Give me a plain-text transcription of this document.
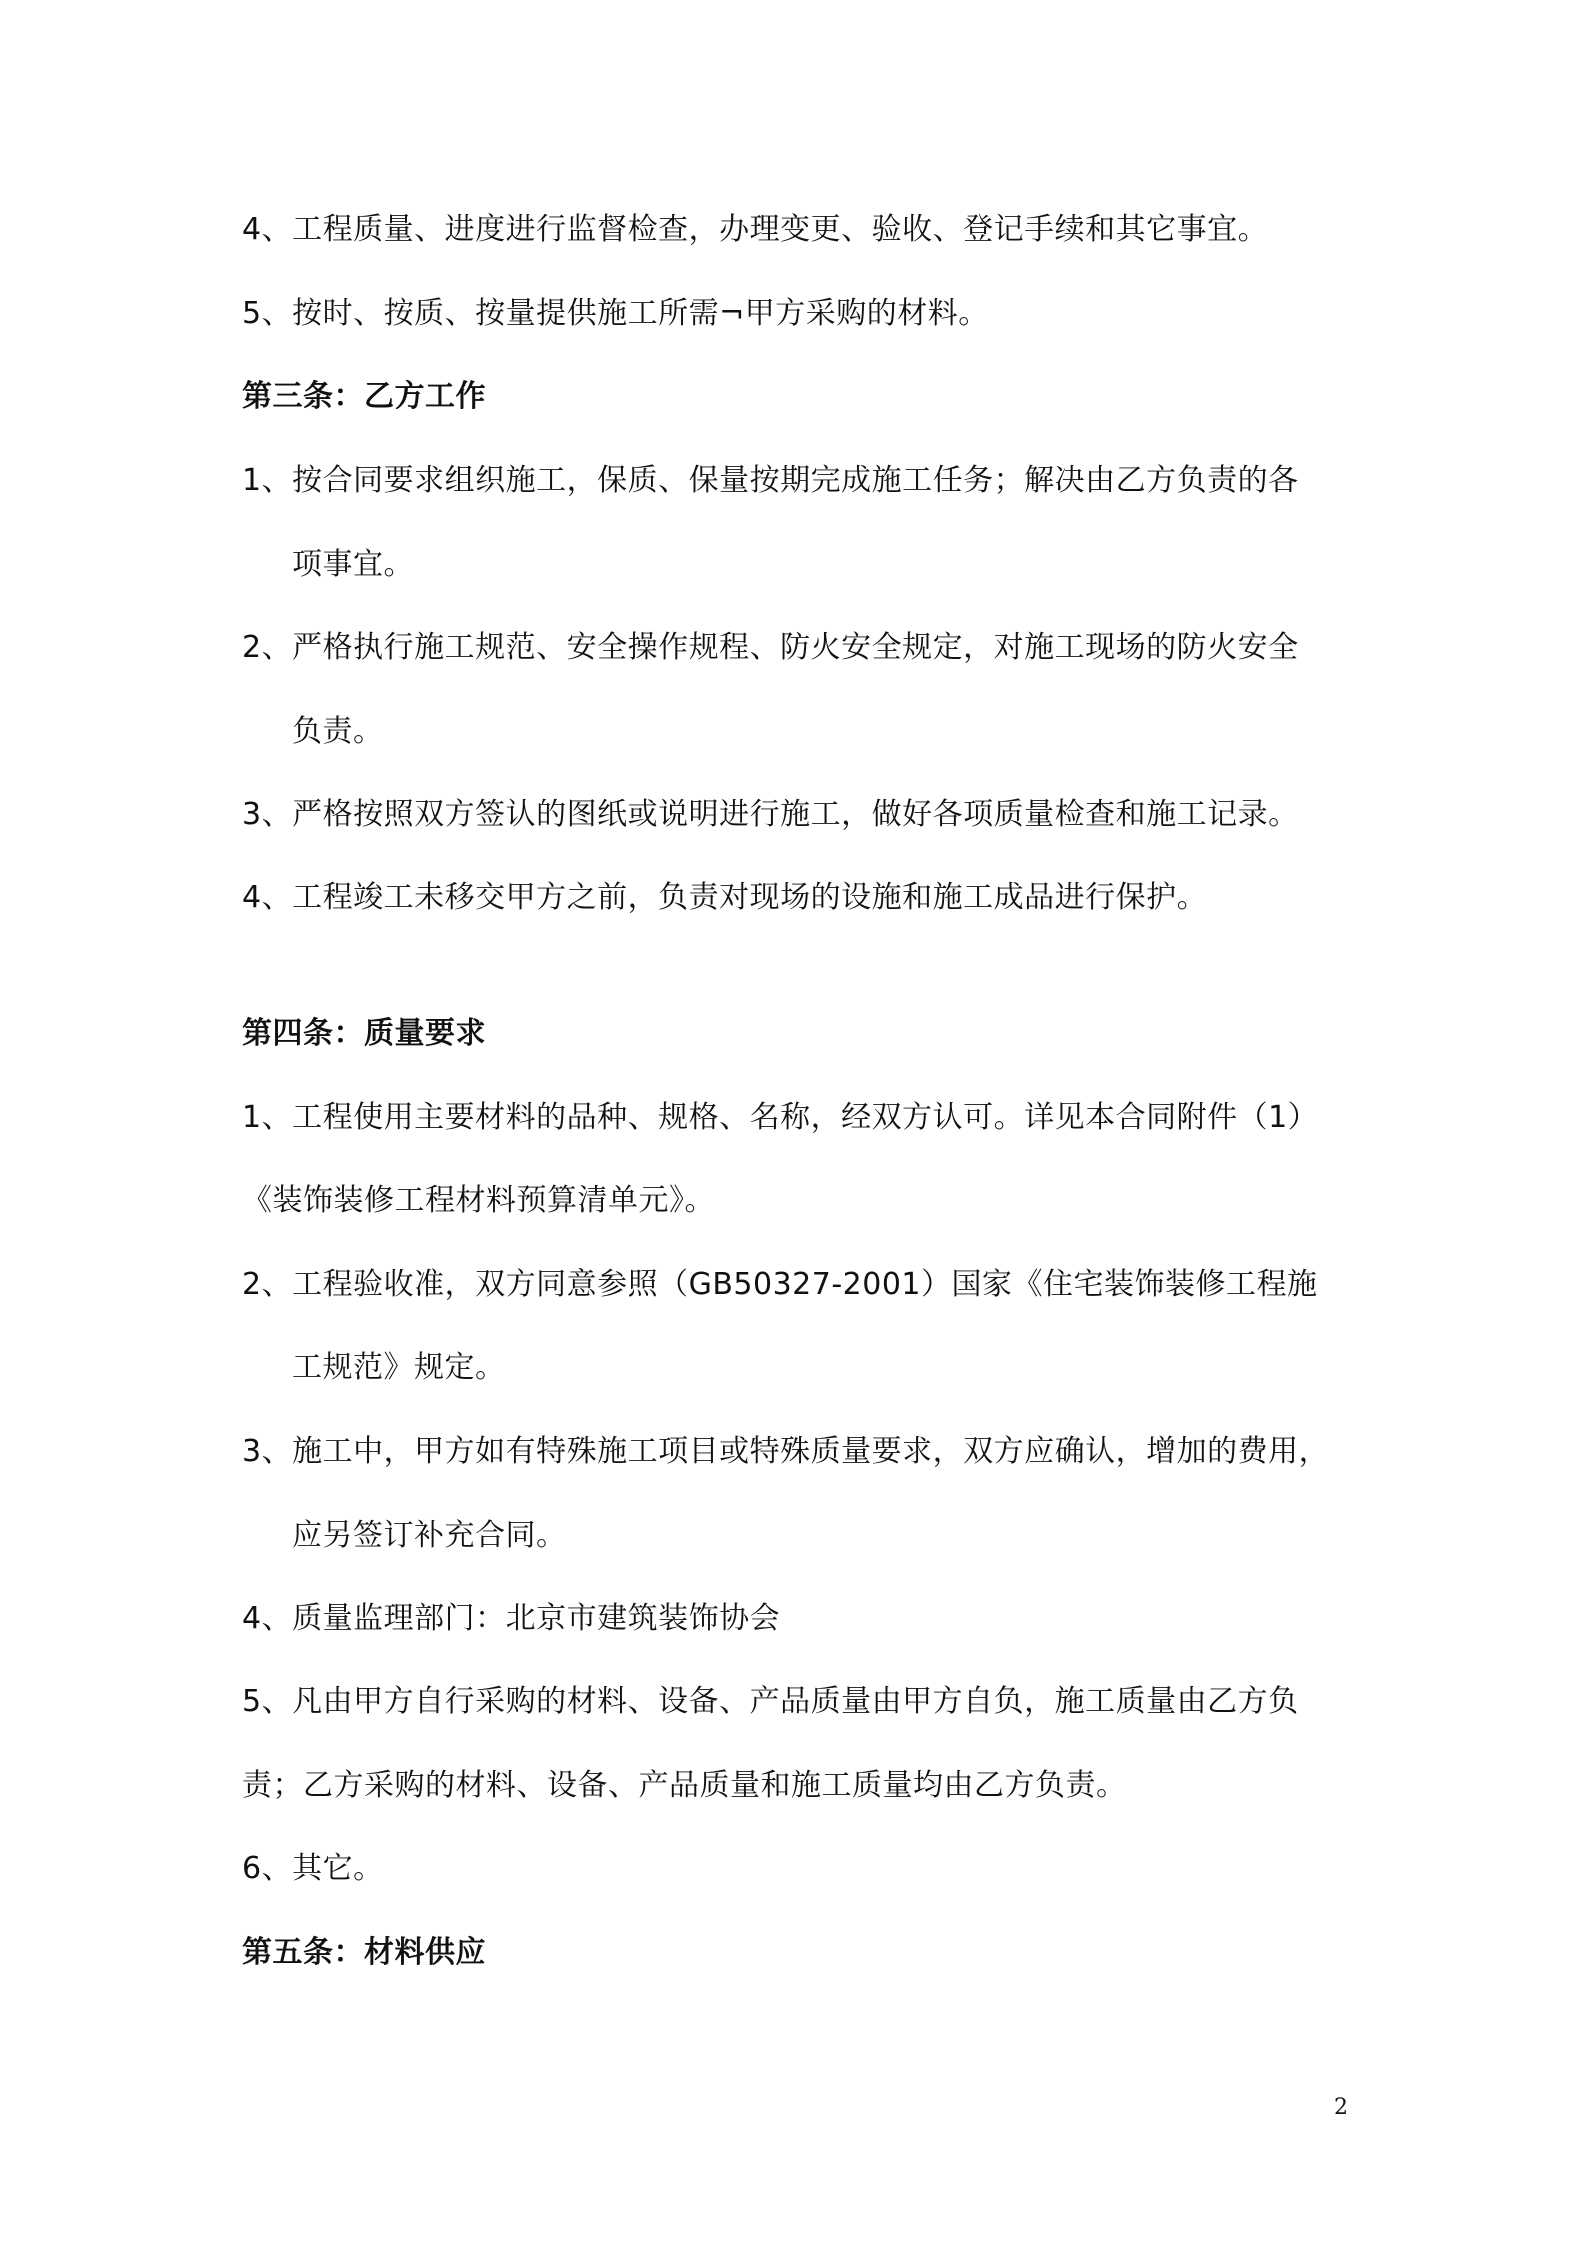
4、工程质量、进度进行监督检查，办理变更、验收、登记手续和其它事宜。
5、按时、按质、按量提供施工所需¬甲方采购的材料。
第三条：乙方工作
1、按合同要求组织施工，保质、保量按期完成施工任务；解决由乙方负责的各
项事宜。
2、严格执行施工规范、安全操作规程、防火安全规定，对施工现场的防火安全
负责。
3、严格按照双方签认的图纸或说明进行施工，做好各项质量检查和施工记录。
4、工程竣工未移交甲方之前，负责对现场的设施和施工成品进行保护。
第四条：质量要求
1、工程使用主要材料的品种、规格、名称，经双方认可。详见本合同附件（1）
《装饰装修工程材料预算清单元》。
2、工程验收准，双方同意参照（GB50327-2001）国家《住宅装饰装修工程施
工规范》规定。
3、施工中，甲方如有特殊施工项目或特殊质量要求，双方应确认，增加的费用，
应另签订补充合同。
4、质量监理部门：北京市建筑装饰协会
5、凡由甲方自行采购的材料、设备、产品质量由甲方自负，施工质量由乙方负
责；乙方采购的材料、设备、产品质量和施工质量均由乙方负责。
6、其它。
第五条：材料供应
2
